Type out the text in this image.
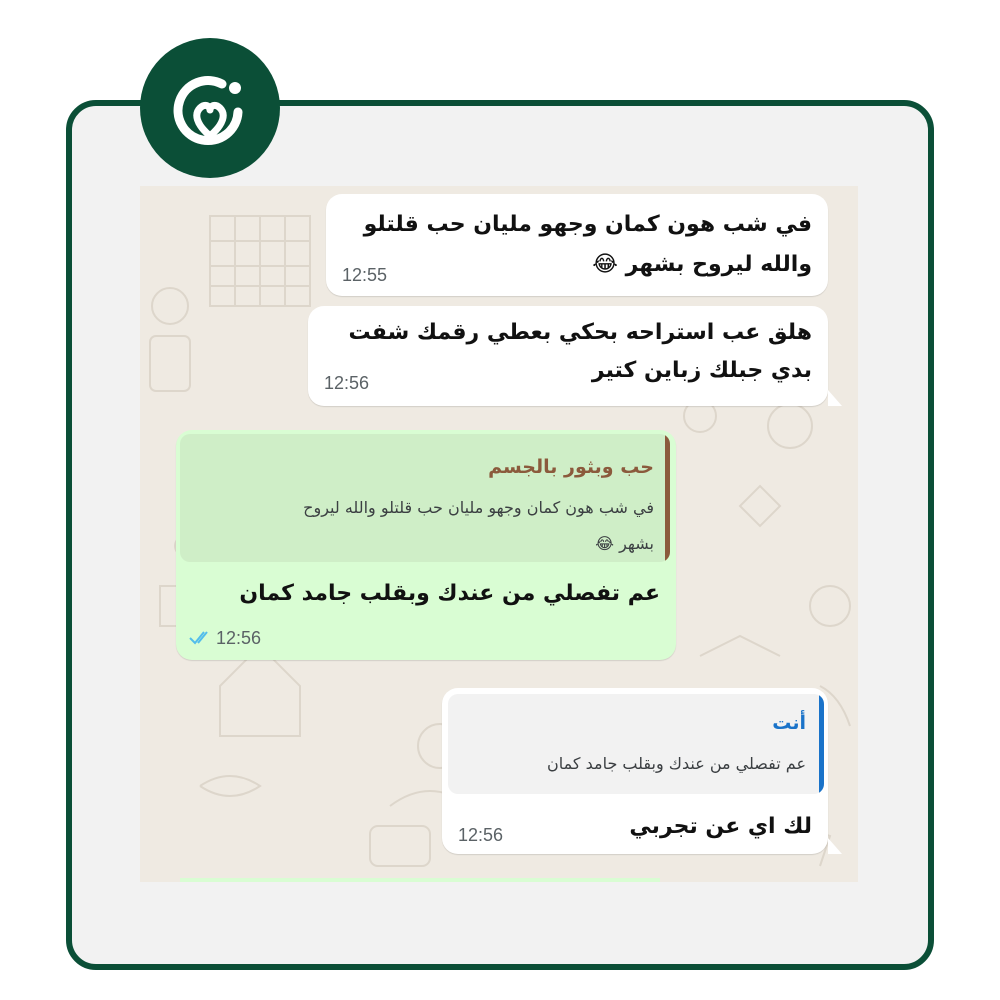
في شب هون كمان وجهو مليان حب قلتلو
والله ليروح بشهر 😂
12:55
هلق عب استراحه بحكي بعطي رقمك شفت
بدي جبلك زباين كتير
12:56
حب وبثور بالجسم
في شب هون كمان وجهو مليان حب قلتلو والله ليروح
بشهر 😂
عم تفصلي من عندك وبقلب جامد كمان
12:56
أنت
عم تفصلي من عندك وبقلب جامد كمان
لك اي عن تجربي
12:56
